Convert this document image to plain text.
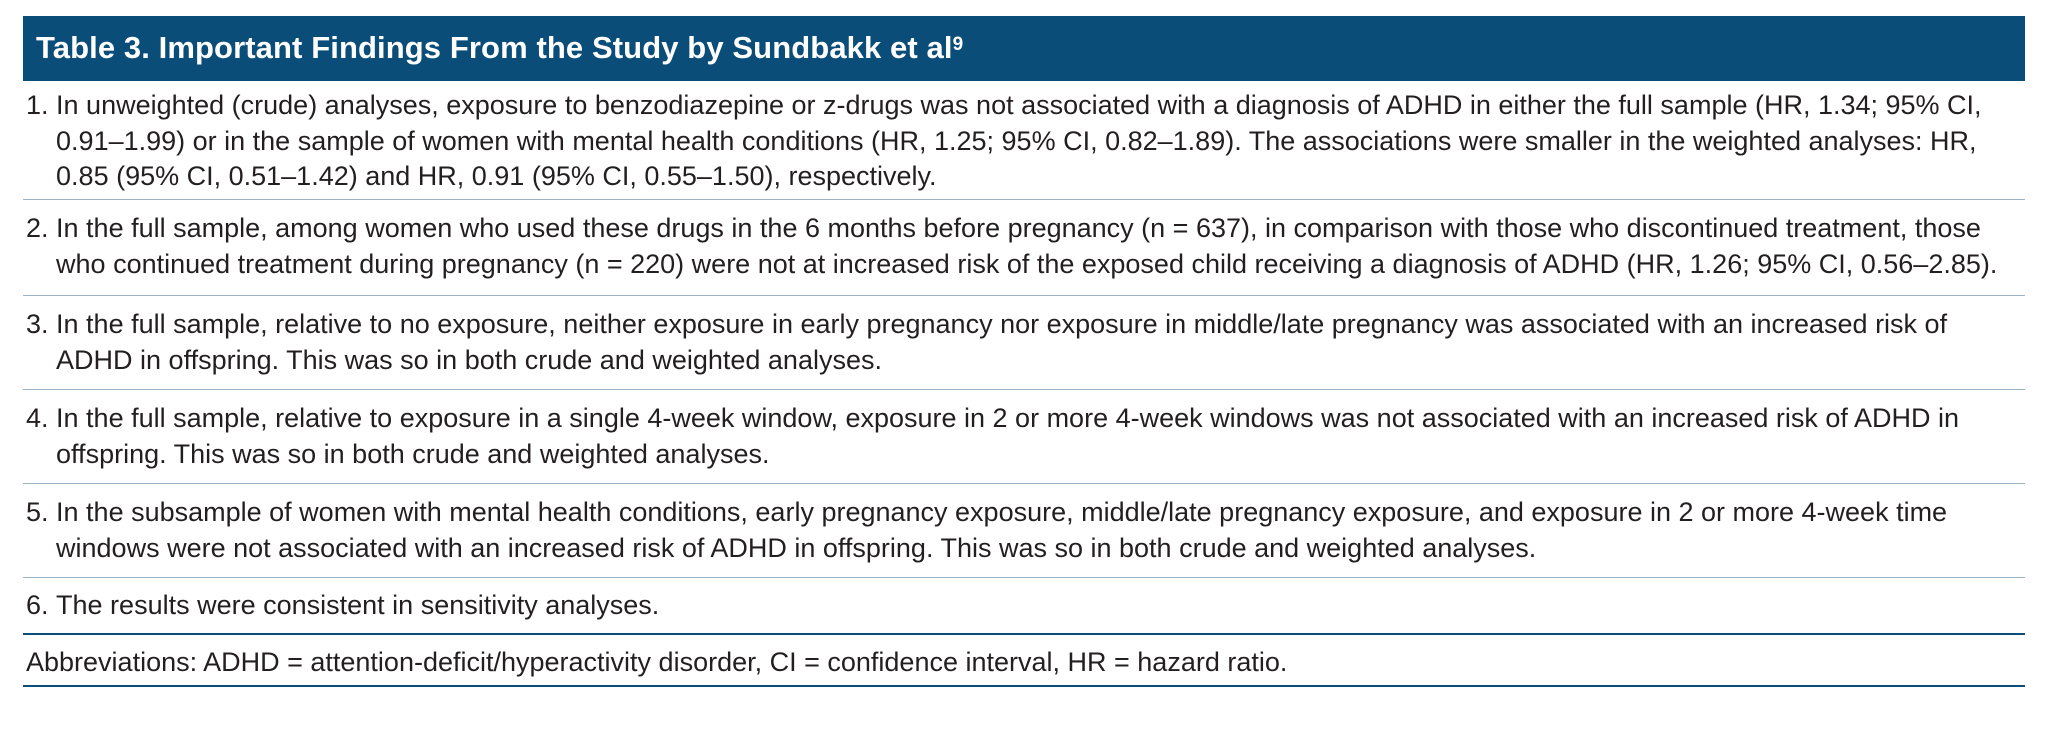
Table 3. Important Findings From the Study by Sundbakk et $al^9$
1. In unweighted (crude) analyses, exposure to benzodiazepine or z-drugs was not associated with a diagnosis of ADHD in either the full sample (HR, 1.34; 95% CI, 0.91–1.99) or in the sample of women with mental health conditions (HR, 1.25; 95% CI, 0.82–1.89). The associations were smaller in the weighted analyses: HR, 0.85 (95% CI, 0.51–1.42) and HR, 0.91 (95% CI, 0.55–1.50), respectively.
2. In the full sample, among women who used these drugs in the 6 months before pregnancy (n = 637), in comparison with those who discontinued treatment, those who continued treatment during pregnancy (n = 220) were not at increased risk of the exposed child receiving a diagnosis of ADHD (HR, 1.26; 95% CI, 0.56–2.85).
3. In the full sample, relative to no exposure, neither exposure in early pregnancy nor exposure in middle/late pregnancy was associated with an increased risk of ADHD in offspring. This was so in both crude and weighted analyses.
4. In the full sample, relative to exposure in a single 4-week window, exposure in 2 or more 4-week windows was not associated with an increased risk of ADHD in offspring. This was so in both crude and weighted analyses.
5. In the subsample of women with mental health conditions, early pregnancy exposure, middle/late pregnancy exposure, and exposure in 2 or more 4-week time windows were not associated with an increased risk of ADHD in offspring. This was so in both crude and weighted analyses.
6. The results were consistent in sensitivity analyses.
Abbreviations: ADHD = attention-deficit/hyperactivity disorder, CI = confidence interval, HR = hazard ratio.
